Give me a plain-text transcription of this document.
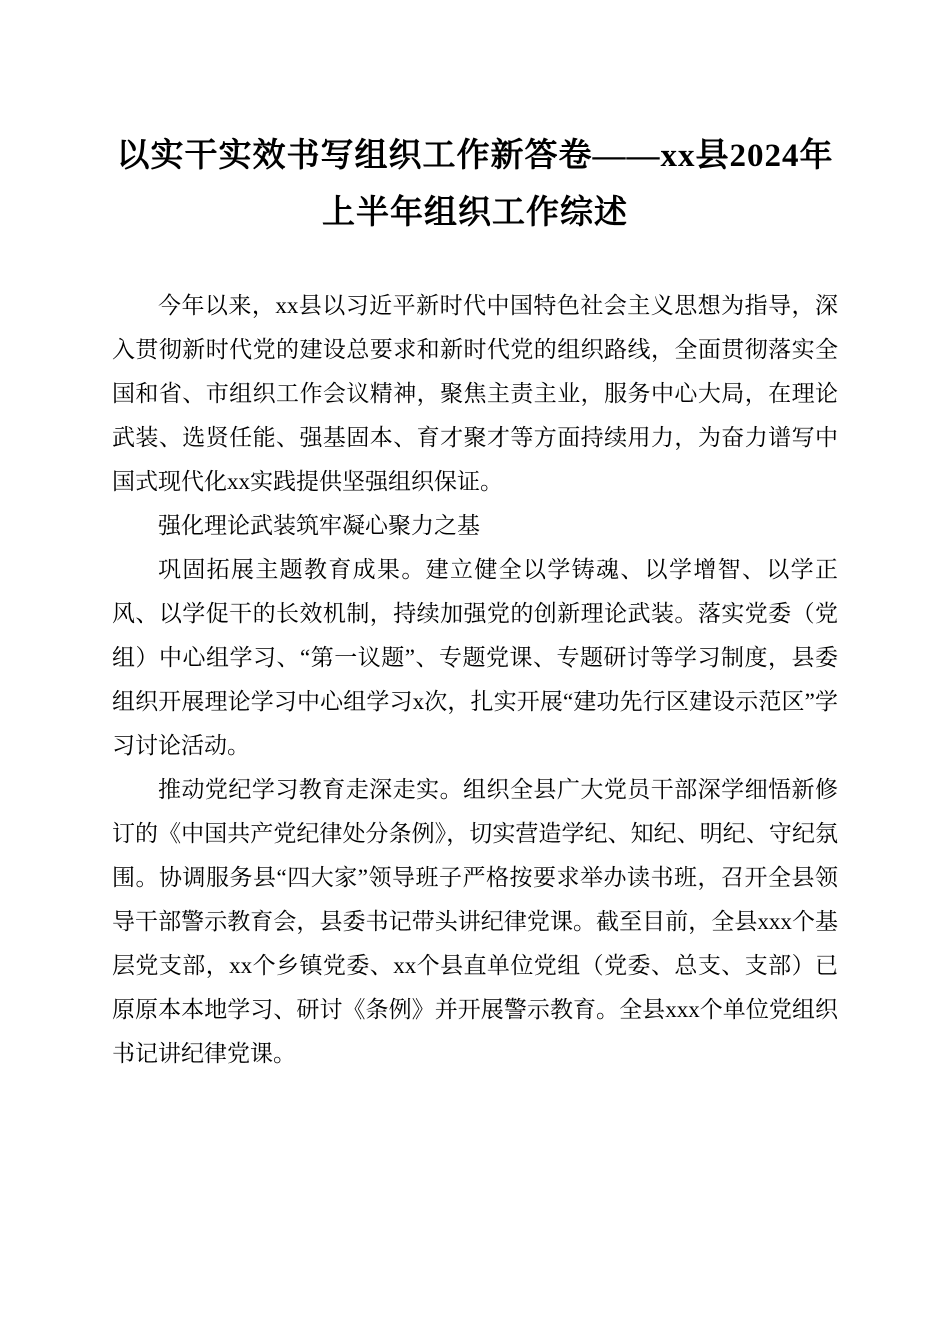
以实干实效书写组织工作新答卷——xx县2024年上半年组织工作综述

今年以来，xx县以习近平新时代中国特色社会主义思想为指导，深入贯彻新时代党的建设总要求和新时代党的组织路线，全面贯彻落实全国和省、市组织工作会议精神，聚焦主责主业，服务中心大局，在理论武装、选贤任能、强基固本、育才聚才等方面持续用力，为奋力谱写中国式现代化xx实践提供坚强组织保证。

强化理论武装筑牢凝心聚力之基

巩固拓展主题教育成果。建立健全以学铸魂、以学增智、以学正风、以学促干的长效机制，持续加强党的创新理论武装。落实党委（党组）中心组学习、“第一议题”、专题党课、专题研讨等学习制度，县委组织开展理论学习中心组学习x次，扎实开展“建功先行区建设示范区”学习讨论活动。

推动党纪学习教育走深走实。组织全县广大党员干部深学细悟新修订的《中国共产党纪律处分条例》，切实营造学纪、知纪、明纪、守纪氛围。协调服务县“四大家”领导班子严格按要求举办读书班，召开全县领导干部警示教育会，县委书记带头讲纪律党课。截至目前，全县xxx个基层党支部，xx个乡镇党委、xx个县直单位党组（党委、总支、支部）已原原本本地学习、研讨《条例》并开展警示教育。全县xxx个单位党组织书记讲纪律党课。
